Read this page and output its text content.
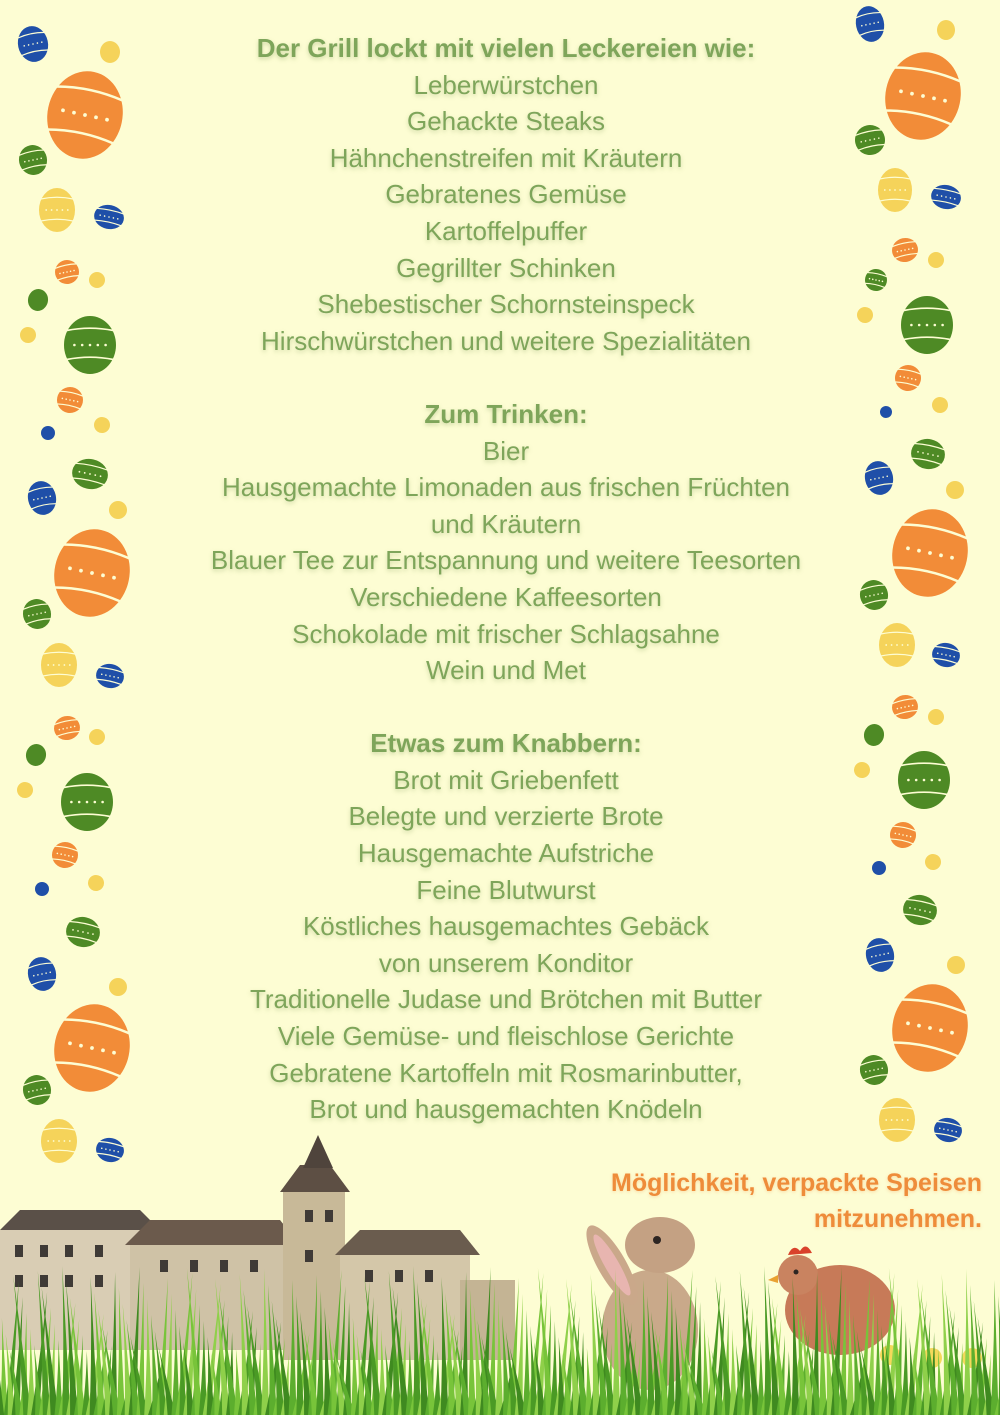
Der Grill lockt mit vielen Leckereien wie:
Leberwürstchen
Gehackte Steaks
Hähnchenstreifen mit Kräutern
Gebratenes Gemüse
Kartoffelpuffer
Gegrillter Schinken
Shebestischer Schornsteinspeck
Hirschwürstchen und weitere Spezialitäten
Zum Trinken:
Bier
Hausgemachte Limonaden aus frischen Früchten
und Kräutern
Blauer Tee zur Entspannung und weitere Teesorten
Verschiedene Kaffeesorten
Schokolade mit frischer Schlagsahne
Wein und Met
Etwas zum Knabbern:
Brot mit Griebenfett
Belegte und verzierte Brote
Hausgemachte Aufstriche
Feine Blutwurst
Köstliches hausgemachtes Gebäck
von unserem Konditor
Traditionelle Judase und Brötchen mit Butter
Viele Gemüse- und fleischlose Gerichte
Gebratene Kartoffeln mit Rosmarinbutter,
Brot und hausgemachten Knödeln
Möglichkeit, verpackte Speisen
mitzunehmen.
